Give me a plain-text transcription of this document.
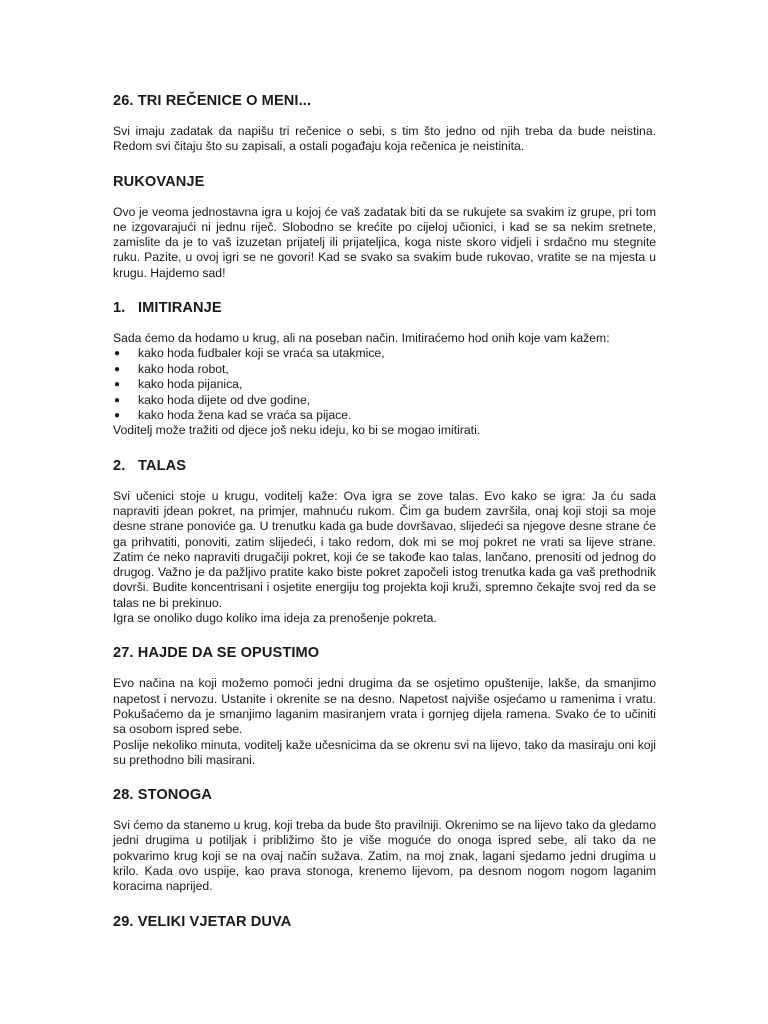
26. TRI REČENICE O MENI...

Svi imaju zadatak da napišu tri rečenice o sebi, s tim što jedno od njih treba da bude neistina. Redom svi čitaju što su zapisali, a ostali pogađaju koja rečenica je neistinita.

RUKOVANJE

Ovo je veoma jednostavna igra u kojoj će vaš zadatak biti da se rukujete sa svakim iz grupe, pri tom ne izgovarajući ni jednu riječ. Slobodno se krećite po cijeloj učionici, i kad se sa nekim sretnete, zamislite da je to vaš izuzetan prijatelj ili prijateljica, koga niste skoro vidjeli i srdačno mu stegnite ruku. Pazite, u ovoj igri se ne govori! Kad se svako sa svakim bude rukovao, vratite se na mjesta u krugu. Hajdemo sad!

1. IMITIRANJE

Sada ćemo da hodamo u krug, ali na poseban način. Imitiraćemo hod onih koje vam kažem:

● kako hoda fudbaler koji se vraća sa utakmice,
● kako hoda robot,
● kako hoda pijanica,
● kako hoda dijete od dve godine,
● kako hoda žena kad se vraća sa pijace.

Voditelj može tražiti od djece još neku ideju, ko bi se mogao imitirati.

2. TALAS

Svi učenici stoje u krugu, voditelj kaže: Ova igra se zove talas. Evo kako se igra: Ja ću sada napraviti jdean pokret, na primjer, mahnuću rukom. Čim ga budem završila, onaj koji stoji sa moje desne strane ponoviće ga. U trenutku kada ga bude dovršavao, slijedeći sa njegove desne strane će ga prihvatiti, ponoviti, zatim slijedeći, i tako redom, dok mi se moj pokret ne vrati sa lijeve strane. Zatim će neko napraviti drugačiji pokret, koji će se takođe kao talas, lančano, prenositi od jednog do drugog. Važno je da pažljivo pratite kako biste pokret započeli istog trenutka kada ga vaš prethodnik dovrši. Budite koncentrisani i osjetite energiju tog projekta koji kruži, spremno čekajte svoj red da se talas ne bi prekinuo.

Igra se onoliko dugo koliko ima ideja za prenošenje pokreta.

27. HAJDE DA SE OPUSTIMO

Evo načina na koji možemo pomoći jedni drugima da se osjetimo opuštenije, lakše, da smanjimo napetost i nervozu. Ustanite i okrenite se na desno. Napetost najviše osjećamo u ramenima i vratu. Pokušaćemo da je smanjimo laganim masiranjem vrata i gornjeg dijela ramena. Svako će to učiniti sa osobom ispred sebe.

Poslije nekoliko minuta, voditelj kaže učesnicima da se okrenu svi na lijevo, tako da masiraju oni koji su prethodno bili masirani.

28. STONOGA

Svi ćemo da stanemo u krug, koji treba da bude što pravilniji. Okrenimo se na lijevo tako da gledamo jedni drugima u potiljak i približimo što je više moguće do onoga ispred sebe, ali tako da ne pokvarimo krug koji se na ovaj način sužava. Zatim, na moj znak, lagani sjedamo jedni drugima u krilo. Kada ovo uspije, kao prava stonoga, krenemo lijevom, pa desnom nogom nogom laganim koracima naprijed.

29. VELIKI VJETAR DUVA
